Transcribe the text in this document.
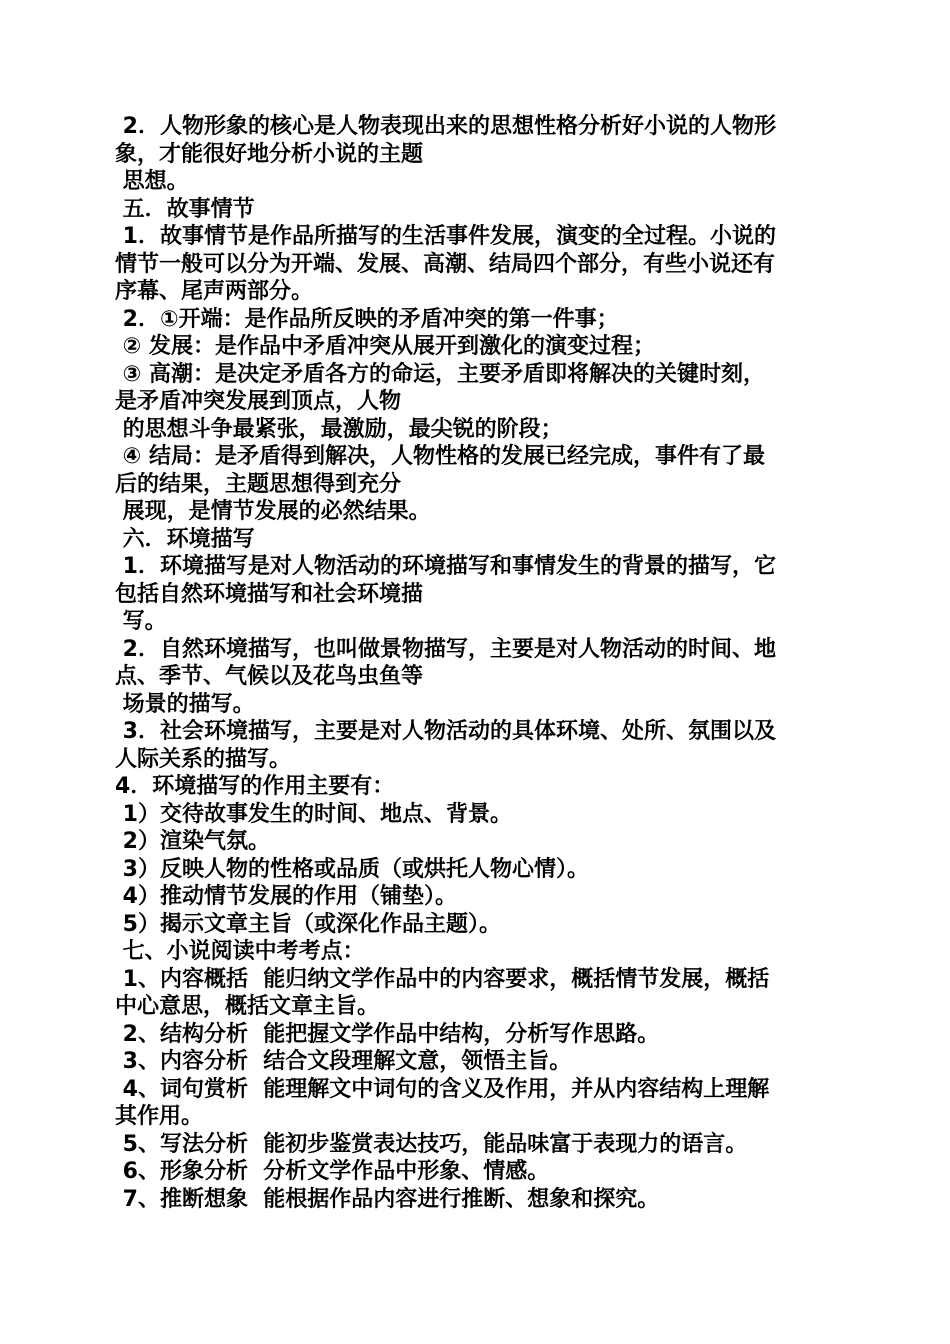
2．人物形象的核心是人物表现出来的思想性格分析好小说的人物形
象，才能很好地分析小说的主题
思想。
五．故事情节
1．故事情节是作品所描写的生活事件发展，演变的全过程。小说的
情节一般可以分为开端、发展、高潮、结局四个部分，有些小说还有
序幕、尾声两部分。
2．①开端：是作品所反映的矛盾冲突的第一件事；
② 发展：是作品中矛盾冲突从展开到激化的演变过程；
③ 高潮：是决定矛盾各方的命运，主要矛盾即将解决的关键时刻，
是矛盾冲突发展到顶点，人物
的思想斗争最紧张，最激励，最尖锐的阶段；
④ 结局：是矛盾得到解决，人物性格的发展已经完成，事件有了最
后的结果，主题思想得到充分
展现，是情节发展的必然结果。
六．环境描写
1．环境描写是对人物活动的环境描写和事情发生的背景的描写，它
包括自然环境描写和社会环境描
写。
2．自然环境描写，也叫做景物描写，主要是对人物活动的时间、地
点、季节、气候以及花鸟虫鱼等
场景的描写。
3．社会环境描写，主要是对人物活动的具体环境、处所、氛围以及
人际关系的描写。
4．环境描写的作用主要有：
1）交待故事发生的时间、地点、背景。
2）渲染气氛。
3）反映人物的性格或品质（或烘托人物心情）。
4）推动情节发展的作用（铺垫）。
5）揭示文章主旨（或深化作品主题）。
七、小说阅读中考考点：
1、内容概括  能归纳文学作品中的内容要求，概括情节发展，概括
中心意思，概括文章主旨。
2、结构分析  能把握文学作品中结构，分析写作思路。
3、内容分析  结合文段理解文意，领悟主旨。
4、词句赏析  能理解文中词句的含义及作用，并从内容结构上理解
其作用。
5、写法分析  能初步鉴赏表达技巧，能品味富于表现力的语言。
6、形象分析  分析文学作品中形象、情感。
7、推断想象  能根据作品内容进行推断、想象和探究。
